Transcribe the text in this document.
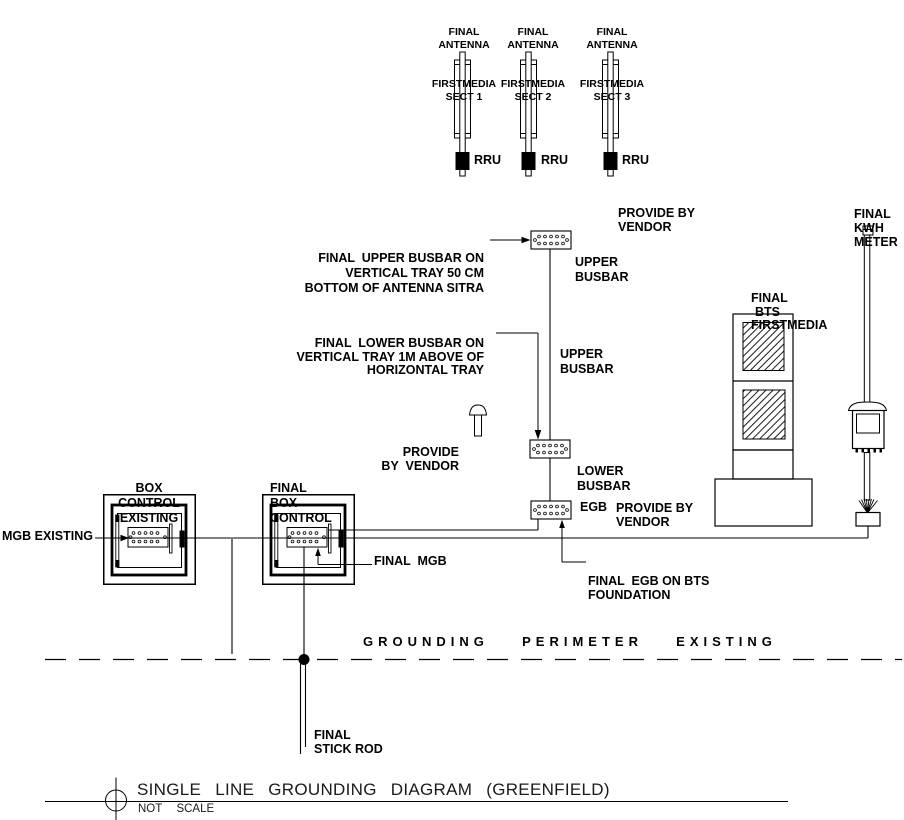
FINAL
ANTENNA

FIRSTMEDIA
SECT 1

FINAL
ANTENNA

FIRSTMEDIA
SECT 2

FINAL
ANTENNA

FIRSTMEDIA
SECT 3

RRU	RRU	RRU

PROVIDE BY
VENDOR

FINAL
KWH
METER

FINAL  UPPER BUSBAR ON
VERTICAL TRAY 50 CM
BOTTOM OF ANTENNA SITRA

UPPER
BUSBAR

UPPER
BUSBAR

FINAL  LOWER BUSBAR ON
VERTICAL TRAY 1M ABOVE OF
HORIZONTAL TRAY

FINAL
BTS
FIRSTMEDIA

PROVIDE
BY  VENDOR

	LOWER
BUSBAR

PROVIDE BY
VENDOR

EGB

BOX
CONTROL
EXISTING

FINAL
BOX
CONTROL

MGB EXISTING
FINAL  MGB

FINAL  EGB ON BTS
FOUNDATION

GROUNDING  PERIMETER  EXISTING

FINAL
STICK ROD

SINGLE  LINE  GROUNDING  DIAGRAM  (GREENFIELD)
NOT  SCALE
